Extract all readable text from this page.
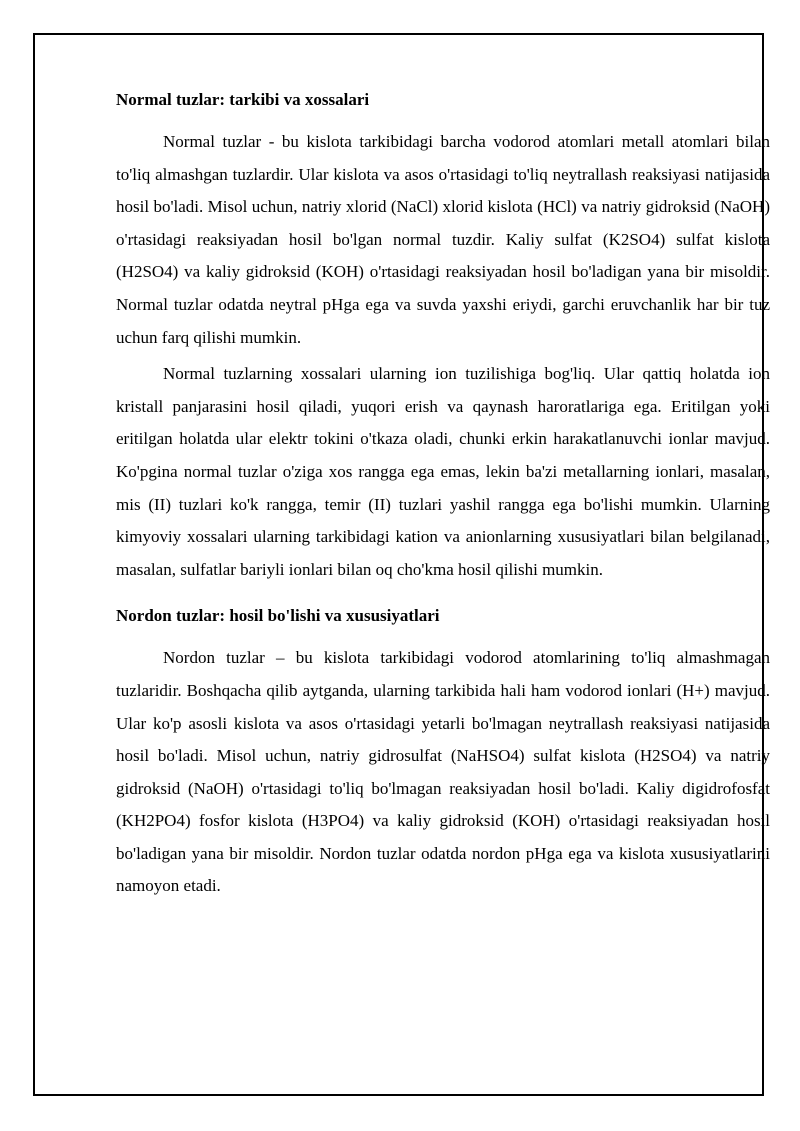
Normal tuzlar: tarkibi va xossalari

Normal tuzlar - bu kislota tarkibidagi barcha vodorod atomlari metall atomlari bilan to'liq almashgan tuzlardir. Ular kislota va asos o'rtasidagi to'liq neytrallash reaksiyasi natijasida hosil bo'ladi. Misol uchun, natriy xlorid (NaCl) xlorid kislota (HCl) va natriy gidroksid (NaOH) o'rtasidagi reaksiyadan hosil bo'lgan normal tuzdir. Kaliy sulfat (K2SO4) sulfat kislota (H2SO4) va kaliy gidroksid (KOH) o'rtasidagi reaksiyadan hosil bo'ladigan yana bir misoldir. Normal tuzlar odatda neytral pHga ega va suvda yaxshi eriydi, garchi eruvchanlik har bir tuz uchun farq qilishi mumkin.

Normal tuzlarning xossalari ularning ion tuzilishiga bog'liq. Ular qattiq holatda ion kristall panjarasini hosil qiladi, yuqori erish va qaynash haroratlariga ega. Eritilgan yoki eritilgan holatda ular elektr tokini o'tkaza oladi, chunki erkin harakatlanuvchi ionlar mavjud. Ko'pgina normal tuzlar o'ziga xos rangga ega emas, lekin ba'zi metallarning ionlari, masalan, mis (II) tuzlari ko'k rangga, temir (II) tuzlari yashil rangga ega bo'lishi mumkin. Ularning kimyoviy xossalari ularning tarkibidagi kation va anionlarning xususiyatlari bilan belgilanadi, masalan, sulfatlar bariyli ionlari bilan oq cho'kma hosil qilishi mumkin.

Nordon tuzlar: hosil bo'lishi va xususiyatlari

Nordon tuzlar – bu kislota tarkibidagi vodorod atomlarining to'liq almashmagan tuzlaridir. Boshqacha qilib aytganda, ularning tarkibida hali ham vodorod ionlari (H+) mavjud. Ular ko'p asosli kislota va asos o'rtasidagi yetarli bo'lmagan neytrallash reaksiyasi natijasida hosil bo'ladi. Misol uchun, natriy gidrosulfat (NaHSO4) sulfat kislota (H2SO4) va natriy gidroksid (NaOH) o'rtasidagi to'liq bo'lmagan reaksiyadan hosil bo'ladi. Kaliy digidrofosfat (KH2PO4) fosfor kislota (H3PO4) va kaliy gidroksid (KOH) o'rtasidagi reaksiyadan hosil bo'ladigan yana bir misoldir. Nordon tuzlar odatda nordon pHga ega va kislota xususiyatlarini namoyon etadi.
